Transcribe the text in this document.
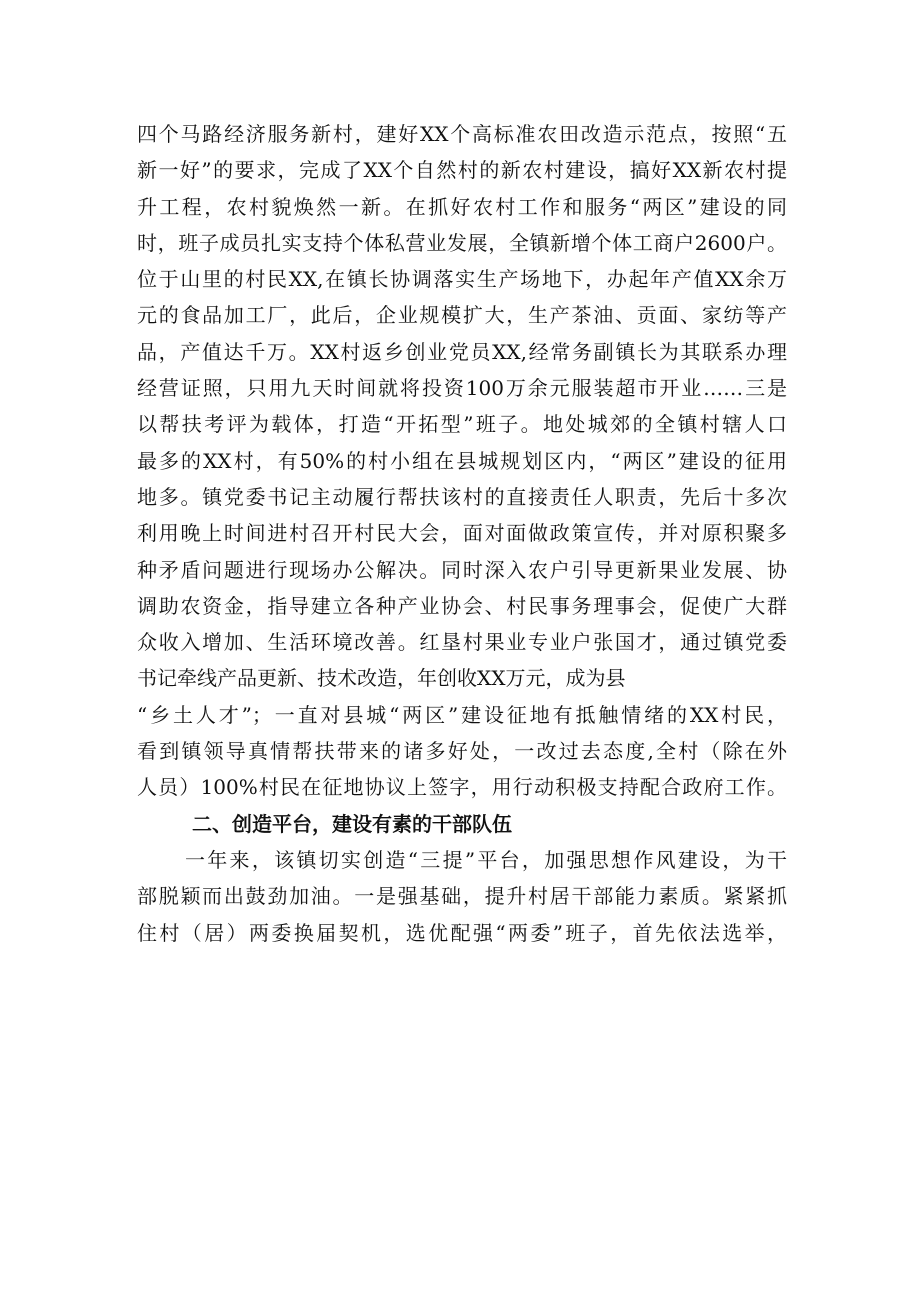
四个马路经济服务新村，建好XX个高标准农田改造示范点，按照“五
新一好”的要求，完成了XX个自然村的新农村建设，搞好XX新农村提
升工程，农村貌焕然一新。在抓好农村工作和服务“两区”建设的同
时，班子成员扎实支持个体私营业发展，全镇新增个体工商户2600户。
位于山里的村民XX,在镇长协调落实生产场地下，办起年产值XX余万
元的食品加工厂，此后，企业规模扩大，生产茶油、贡面、家纺等产
品，产值达千万。XX村返乡创业党员XX,经常务副镇长为其联系办理
经营证照，只用九天时间就将投资100万余元服装超市开业……三是
以帮扶考评为载体，打造“开拓型”班子。地处城郊的全镇村辖人口
最多的XX村，有50%的村小组在县城规划区内，“两区”建设的征用
地多。镇党委书记主动履行帮扶该村的直接责任人职责，先后十多次
利用晚上时间进村召开村民大会，面对面做政策宣传，并对原积聚多
种矛盾问题进行现场办公解决。同时深入农户引导更新果业发展、协
调助农资金，指导建立各种产业协会、村民事务理事会，促使广大群
众收入增加、生活环境改善。红垦村果业专业户张国才，通过镇党委
书记牵线产品更新、技术改造，年创收XX万元，成为县
“乡土人才”；一直对县城“两区”建设征地有抵触情绪的XX村民，
看到镇领导真情帮扶带来的诸多好处，一改过去态度,全村（除在外
人员）100%村民在征地协议上签字，用行动积极支持配合政府工作。
二、创造平台，建设有素的干部队伍
一年来，该镇切实创造“三提”平台，加强思想作风建设，为干
部脱颖而出鼓劲加油。一是强基础，提升村居干部能力素质。紧紧抓
住村（居）两委换届契机，选优配强“两委”班子，首先依法选举，
